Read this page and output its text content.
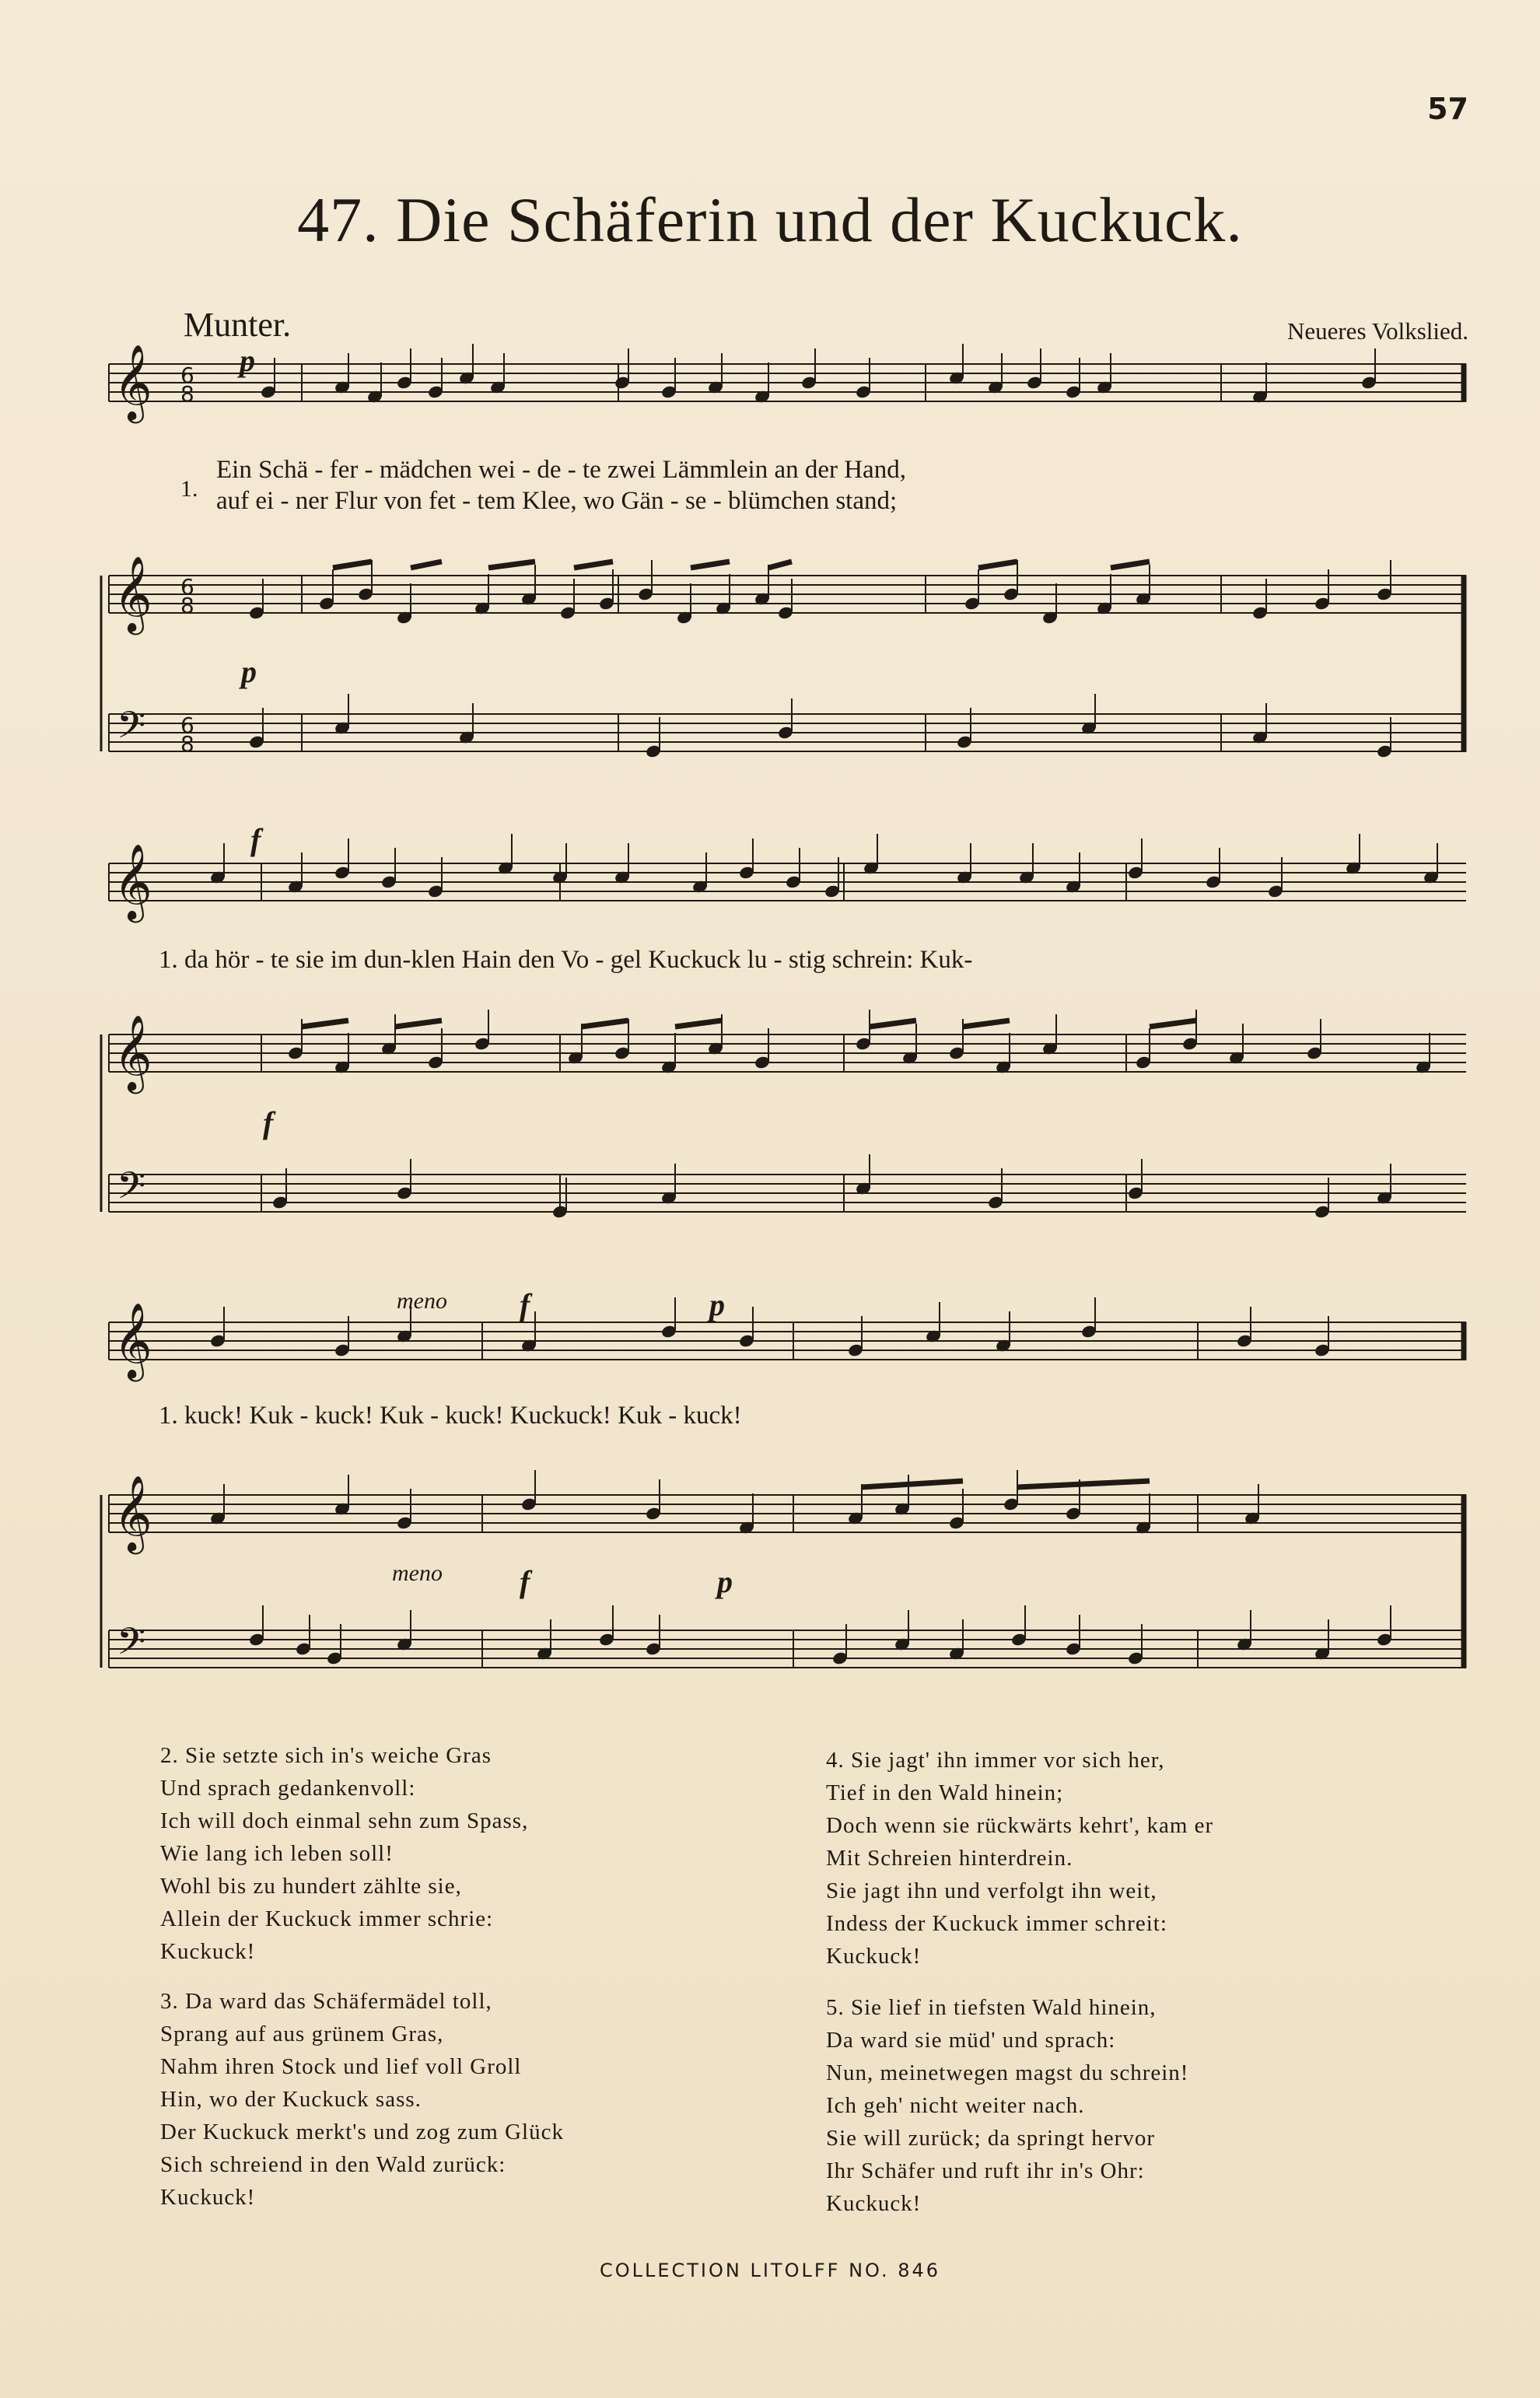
57
47. Die Schäferin und der Kuckuck.
Munter.	Neueres Volkslied.
𝄞
𝄞
𝄞
𝄞
𝄞
𝄞
𝄢
𝄢
𝄢
6
8
6
8
6
8
1.
Ein Schä - fer - mädchen wei - de - te zwei Lämmlein an der Hand,
auf ei - ner Flur von fet - tem Klee, wo Gän - se - blümchen stand;
1. da hör - te sie im dun-klen Hain den Vo - gel Kuckuck lu - stig schrein: Kuk-
1. kuck! Kuk - kuck! Kuk - kuck! Kuckuck! Kuk - kuck!
p
p
f
f
meno f	p
meno f	p
2. Sie setzte sich in's weiche Gras
Und sprach gedankenvoll:
Ich will doch einmal sehn zum Spass,
Wie lang ich leben soll!
Wohl bis zu hundert zählte sie,
Allein der Kuckuck immer schrie:
Kuckuck!
3. Da ward das Schäfermädel toll,
Sprang auf aus grünem Gras,
Nahm ihren Stock und lief voll Groll
Hin, wo der Kuckuck sass.
Der Kuckuck merkt's und zog zum Glück
Sich schreiend in den Wald zurück:
Kuckuck!
4. Sie jagt' ihn immer vor sich her,
Tief in den Wald hinein;
Doch wenn sie rückwärts kehrt', kam er
Mit Schreien hinterdrein.
Sie jagt ihn und verfolgt ihn weit,
Indess der Kuckuck immer schreit:
Kuckuck!
5. Sie lief in tiefsten Wald hinein,
Da ward sie müd' und sprach:
Nun, meinetwegen magst du schrein!
Ich geh' nicht weiter nach.
Sie will zurück; da springt hervor
Ihr Schäfer und ruft ihr in's Ohr:
Kuckuck!
COLLECTION LITOLFF NO. 846
